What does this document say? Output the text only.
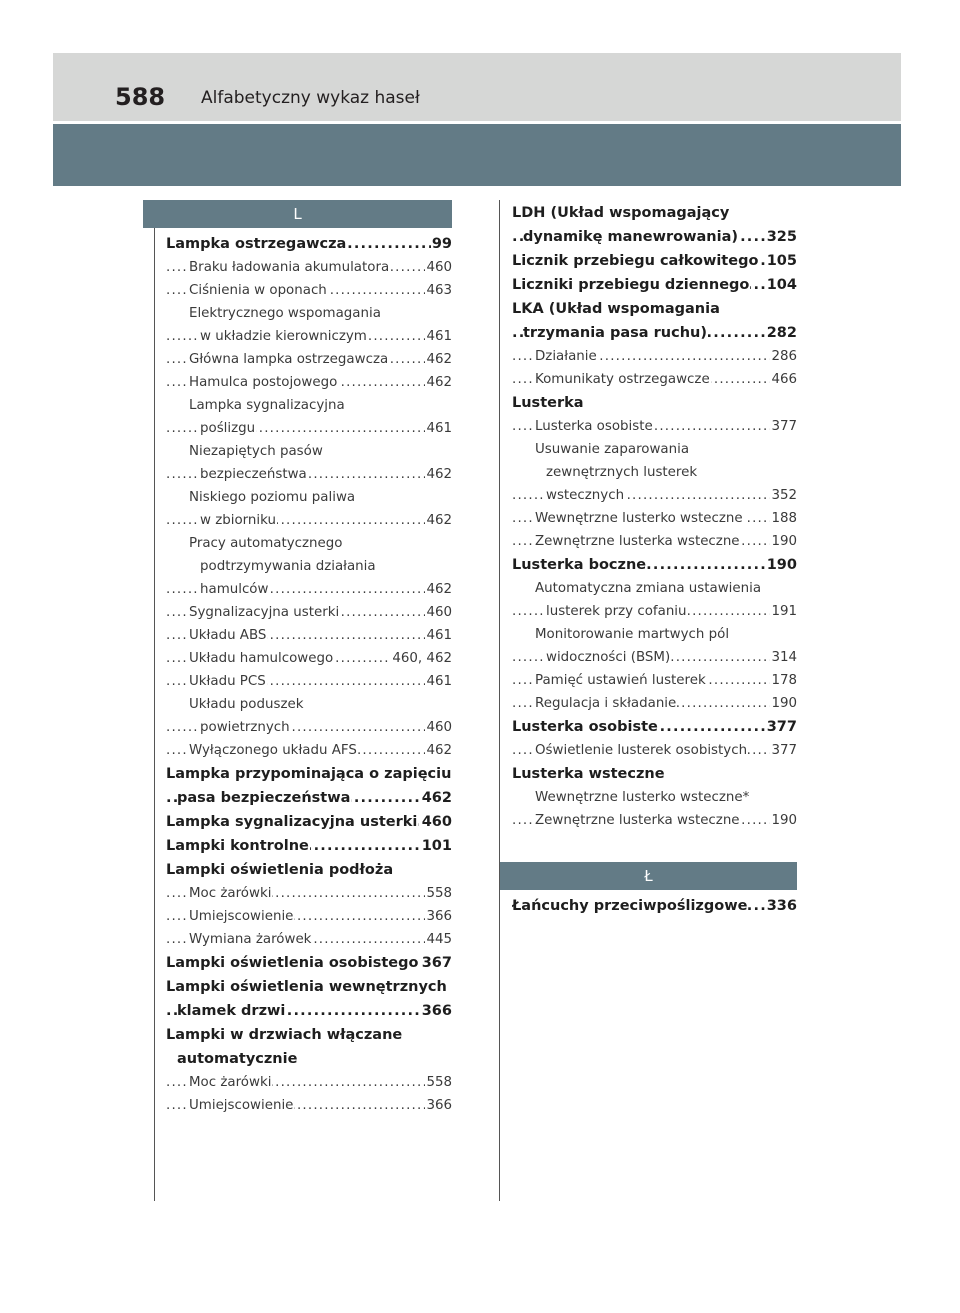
588 Alfabetyczny wykaz haseł
L
Lampka ostrzegawcza .....	99
Braku ładowania akumulatora .....	460
Ciśnienia w oponach .....	463
Elektrycznego wspomagania
w układzie kierowniczym .....	461
Główna lampka ostrzegawcza .....	462
Hamulca postojowego .....	462
Lampka sygnalizacyjna
poślizgu .....	461
Niezapiętych pasów
bezpieczeństwa .....	462
Niskiego poziomu paliwa
w zbiorniku .....	462
Pracy automatycznego
podtrzymywania działania
hamulców .....	462
Sygnalizacyjna usterki .....	460
Układu ABS .....	461
Układu hamulcowego .....	460, 462
Układu PCS .....	461
Układu poduszek
powietrznych .....	460
Wyłączonego układu AFS .....	462
Lampka przypominająca o zapięciu
pasa bezpieczeństwa .....	462
Lampka sygnalizacyjna usterki ..... 460
Lampki kontrolne .....	101
Lampki oświetlenia podłoża
Moc żarówki .....	558
Umiejscowienie .....	366
Wymiana żarówek .....	445
Lampki oświetlenia osobistego ..... 367
Lampki oświetlenia wewnętrznych
klamek drzwi .....	366
Lampki w drzwiach włączane
automatycznie
Moc żarówki .....	558
Umiejscowienie .....	366
LDH (Układ wspomagający
dynamikę manewrowania) ..... 325
Licznik przebiegu całkowitego ..... 105
Liczniki przebiegu dziennego ..... 104
LKA (Układ wspomagania
trzymania pasa ruchu) .....	282
Działanie .....	286
Komunikaty ostrzegawcze .....	466
Lusterka
Lusterka osobiste .....	377
Usuwanie zaparowania
zewnętrznych lusterek
wstecznych .....	352
Wewnętrzne lusterko wsteczne ..... 188
Zewnętrzne lusterka wsteczne ..... 190
Lusterka boczne .....	190
Automatyczna zmiana ustawienia
lusterek przy cofaniu .....	191
Monitorowanie martwych pól
widoczności (BSM) .....	314
Pamięć ustawień lusterek .....	178
Regulacja i składanie .....	190
Lusterka osobiste .....	377
Oświetlenie lusterek osobistych ..... 377
Lusterka wsteczne
Wewnętrzne lusterko wsteczne*
Zewnętrzne lusterka wsteczne ..... 190
Ł
Łańcuchy przeciwpoślizgowe ..... 336
